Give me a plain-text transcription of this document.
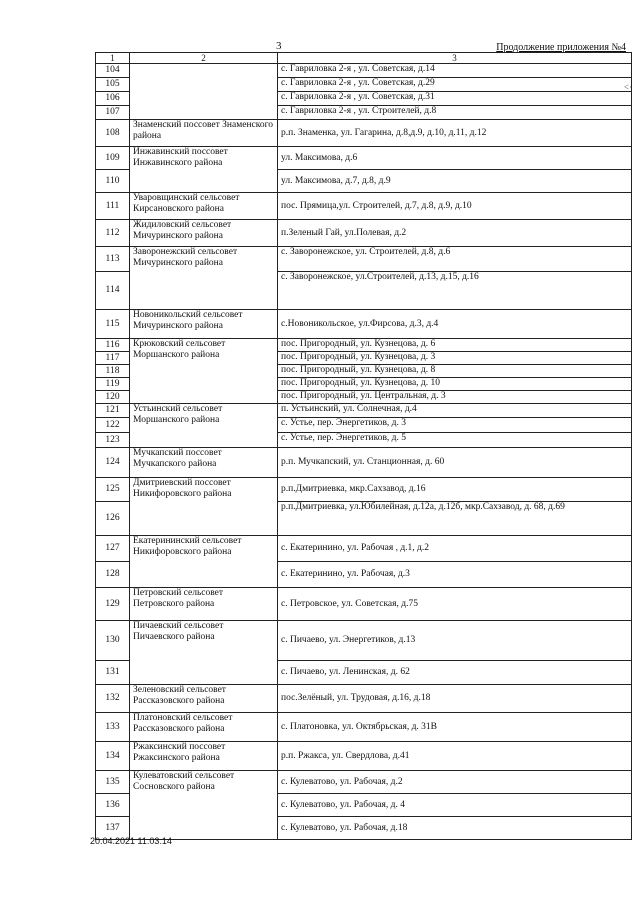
3	Продолжение приложения №4
˂·
1	2	3
104		с. Гавриловка 2-я , ул. Советская, д.14
105		с. Гавриловка 2-я , ул. Советская, д.29
106		с. Гавриловка 2-я , ул. Советская, д.31
107		с. Гавриловка 2-я , ул. Строителей, д.8
108	Знаменский поссовет Знаменского района	р.п. Знаменка, ул. Гагарина, д.8,д.9, д.10, д.11, д.12
109	Инжавинский поссовет Инжавинского района	ул. Максимова, д.6
110		ул. Максимова, д.7, д.8, д.9
111	Уваровщинский сельсовет Кирсановского района	пос. Прямица,ул. Строителей, д.7, д.8, д.9, д.10
112	Жидиловский сельсовет Мичуринского района	п.Зеленый Гай, ул.Полевая, д.2
113	Заворонежский сельсовет Мичуринского района	с. Заворонежское, ул. Строителей, д.8, д.6
114		с. Заворонежское, ул.Строителей, д.13, д.15, д.16
115	Новоникольский сельсовет Мичуринского района	с.Новоникольское, ул.Фирсова, д.3, д.4
116	Крюковский сельсовет Моршанского района	пос. Пригородный, ул. Кузнецова, д. 6
117		пос. Пригородный, ул. Кузнецова, д. 3
118		пос. Пригородный, ул. Кузнецова, д. 8
119		пос. Пригородный, ул. Кузнецова, д. 10
120		пос. Пригородный, ул. Центральная, д. 3
121	Устьинский сельсовет Моршанского района	п. Устьинский, ул. Солнечная, д.4
122		с. Устье, пер. Энергетиков, д. 3
123		с. Устье, пер. Энергетиков, д. 5
124	Мучкапский поссовет Мучкапского района	р.п. Мучкапский, ул. Станционная, д. 60
125	Дмитриевский поссовет Никифоровского района	р.п.Дмитриевка, мкр.Сахзавод, д.16
126		р.п.Дмитриевка, ул.Юбилейная, д.12а, д.12б, мкр.Сахзавод, д. 68, д.69
127	Екатерининский сельсовет Никифоровского района	с. Екатеринино, ул. Рабочая , д.1, д.2
128		с. Екатеринино, ул. Рабочая, д.3
129	Петровский сельсовет Петровского района	с. Петровское, ул. Советская, д.75
130	Пичаевский сельсовет Пичаевского района	с. Пичаево, ул. Энергетиков, д.13
131		с. Пичаево, ул. Ленинская, д. 62
132	Зеленовский сельсовет Рассказовского района	пос.Зелёный, ул. Трудовая, д.16, д.18
133	Платоновский сельсовет Рассказовского района	с. Платоновка, ул. Октябрьская, д. 31В
134	Ржаксинский поссовет Ржаксинского района	р.п. Ржакса, ул. Свердлова, д.41
135	Кулеватовский сельсовет Сосновского района	с. Кулеватово, ул. Рабочая, д.2
136		с. Кулеватово, ул. Рабочая, д. 4
137		с. Кулеватово, ул. Рабочая, д.18
20.04.2021 11:03:14
